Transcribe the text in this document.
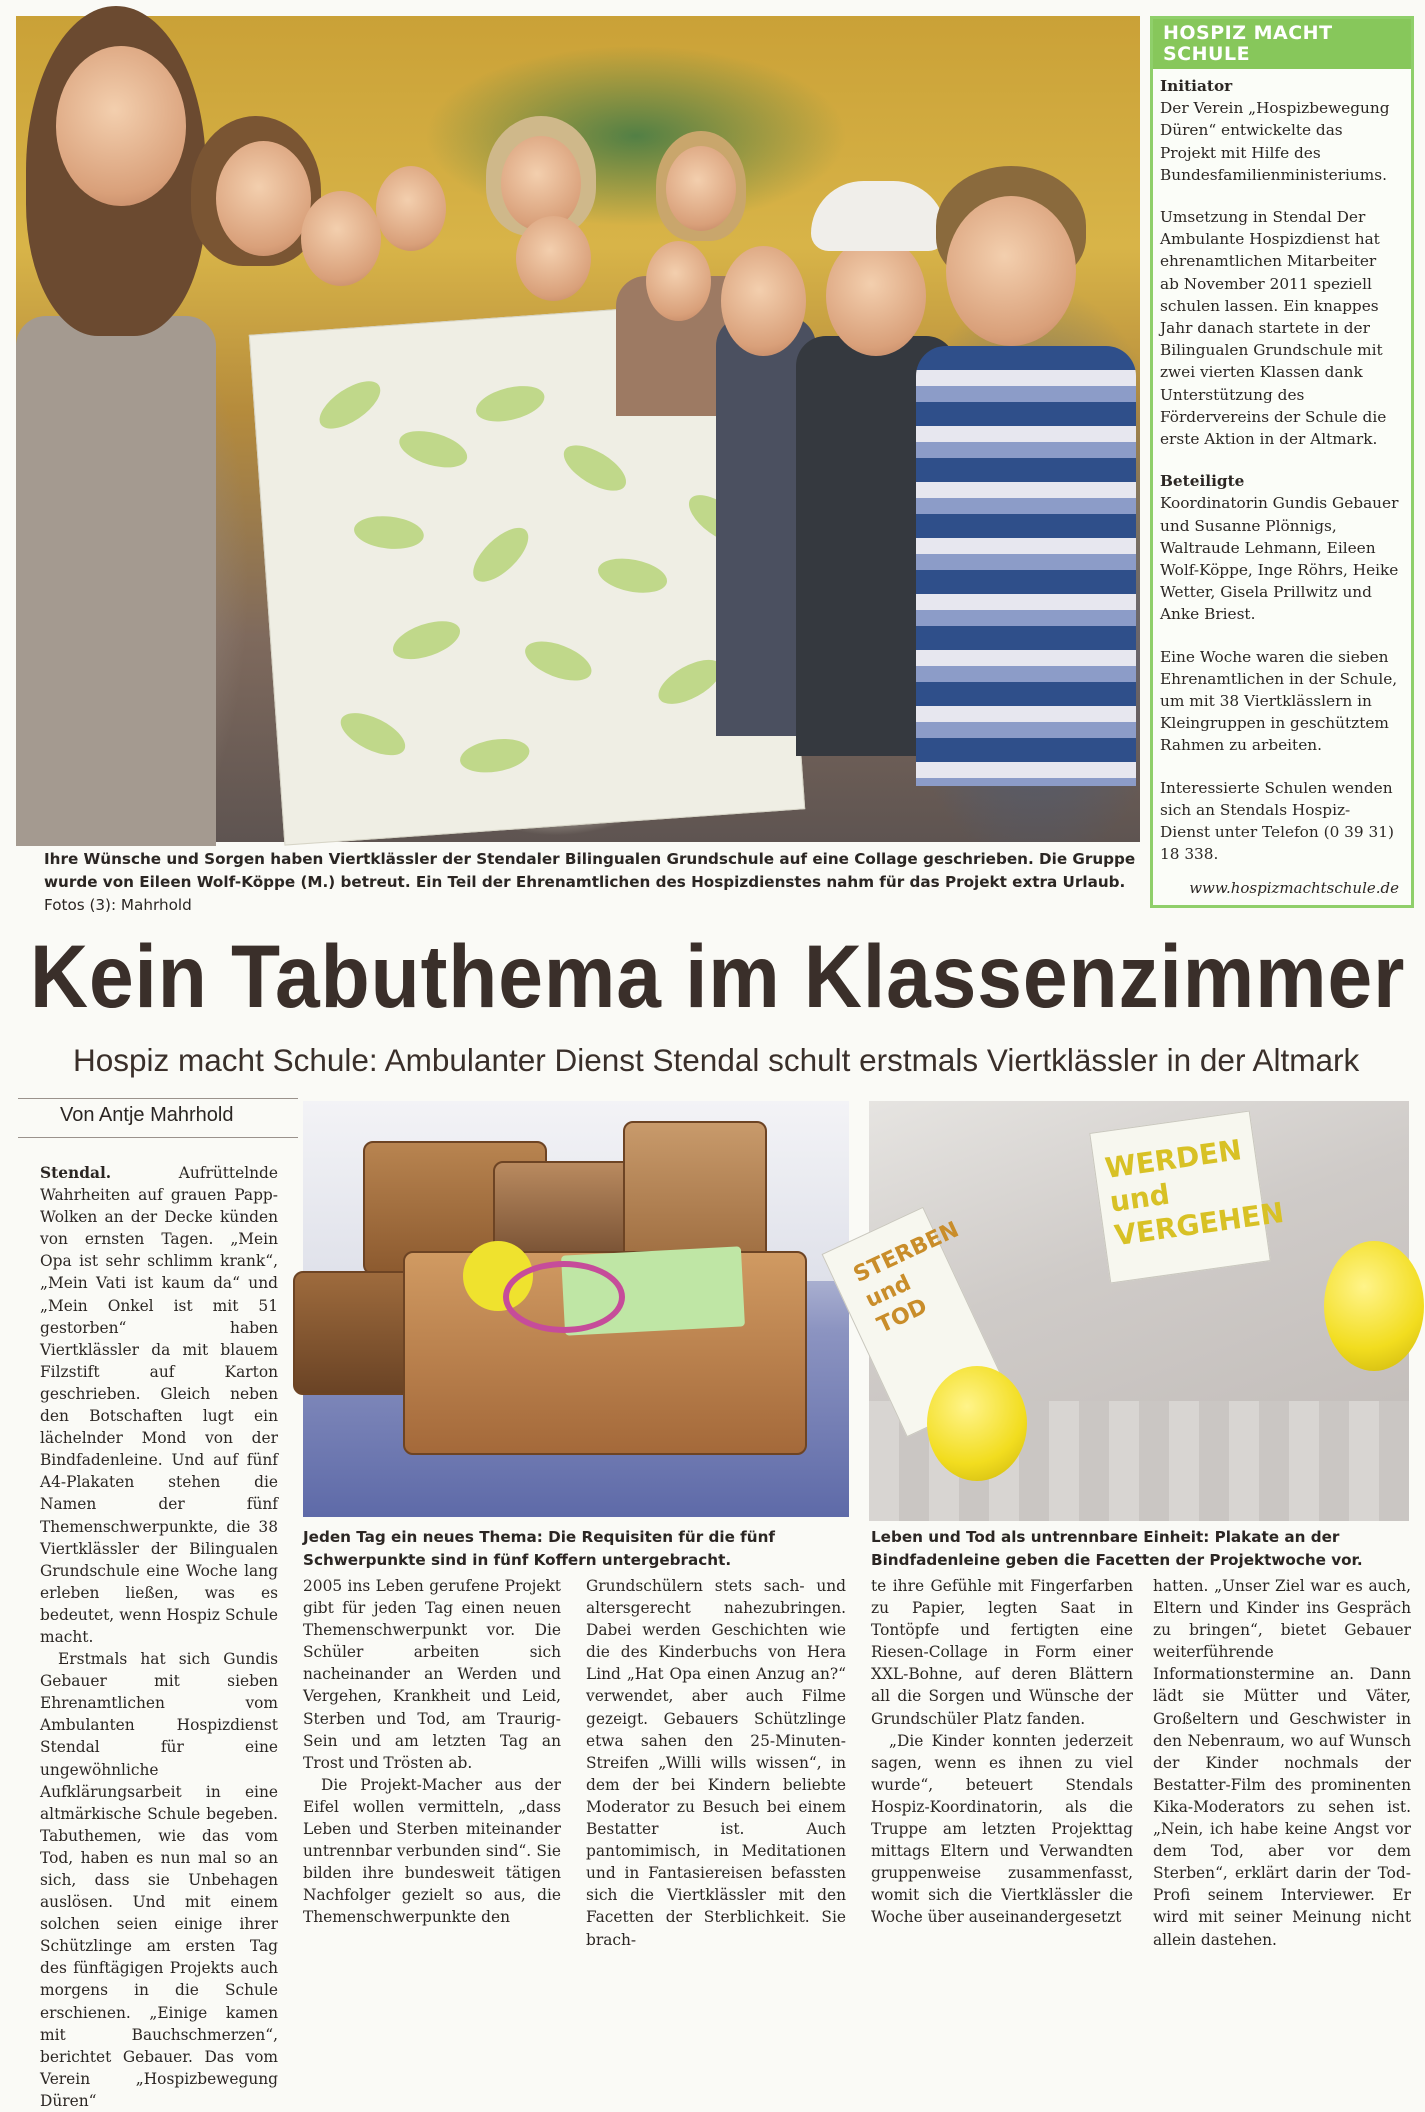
HOSPIZ MACHT SCHULE

Initiator
Der Verein „Hospizbewegung Düren“ entwickelte das Projekt mit Hilfe des Bundesfamilienministeriums.

Umsetzung in Stendal Der Ambulante Hospizdienst hat ehrenamtlichen Mitarbeiter ab November 2011 speziell schulen lassen. Ein knappes Jahr danach startete in der Bilingualen Grundschule mit zwei vierten Klassen dank Unterstützung des Fördervereins der Schule die erste Aktion in der Altmark.

Beteiligte
Koordinatorin Gundis Gebauer und Susanne Plönnigs, Waltraude Lehmann, Eileen Wolf-Köppe, Inge Röhrs, Heike Wetter, Gisela Prillwitz und Anke Briest.

Eine Woche waren die sieben Ehrenamtlichen in der Schule, um mit 38 Viertklässlern in Kleingruppen in geschütztem Rahmen zu arbeiten.

Interessierte Schulen wenden sich an Stendals Hospiz-Dienst unter Telefon (0 39 31) 18 338.

www.hospizmachtschule.de
Ihre Wünsche und Sorgen haben Viertklässler der Stendaler Bilingualen Grundschule auf eine Collage geschrieben. Die Gruppe wurde von Eileen Wolf-Köppe (M.) betreut. Ein Teil der Ehrenamtlichen des Hospizdienstes nahm für das Projekt extra Urlaub. Fotos (3): Mahrhold
Kein Tabuthema im Klassenzimmer
Hospiz macht Schule: Ambulanter Dienst Stendal schult erstmals Viertklässler in der Altmark
Von Antje Mahrhold
WERDEN und VERGEHEN
STERBEN und TOD
Jeden Tag ein neues Thema: Die Requisiten für die fünf Schwerpunkte sind in fünf Koffern untergebracht.
Leben und Tod als untrennbare Einheit: Plakate an der Bindfadenleine geben die Facetten der Projektwoche vor.

Stendal.	Aufrüttelnde Wahrheiten auf grauen Papp-Wolken an der Decke künden von ernsten Tagen. „Mein Opa ist sehr schlimm krank“, „Mein Vati ist kaum da“ und „Mein Onkel ist mit 51 gestorben“ haben Viertklässler da mit blauem Filzstift auf Karton geschrieben. Gleich neben den Botschaften lugt ein lächelnder Mond von der Bindfadenleine. Und auf fünf A4-Plakaten stehen die Namen der fünf Themenschwerpunkte, die 38 Viertklässler der Bilingualen Grundschule eine Woche lang erleben ließen, was es bedeutet, wenn Hospiz Schule macht.

Erstmals hat sich Gundis Gebauer mit sieben Ehrenamtlichen vom Ambulanten Hospizdienst Stendal für eine ungewöhnliche Aufklärungsarbeit in eine altmärkische Schule begeben. Tabuthemen, wie das vom Tod, haben es nun mal so an sich, dass sie Unbehagen auslösen. Und mit einem solchen seien einige ihrer Schützlinge am ersten Tag des fünftägigen Projekts auch morgens in die Schule erschienen. „Einige kamen mit Bauchschmerzen“, berichtet Gebauer. Das vom Verein „Hospizbewegung Düren“

2005 ins Leben gerufene Projekt gibt für jeden Tag einen neuen Themenschwerpunkt vor. Die Schüler arbeiten sich nacheinander an Werden und Vergehen, Krankheit und Leid, Sterben und Tod, am Traurig-Sein und am letzten Tag an Trost und Trösten ab.

Die Projekt-Macher aus der Eifel wollen vermitteln, „dass Leben und Sterben miteinander untrennbar verbunden sind“. Sie bilden ihre bundesweit tätigen Nachfolger gezielt so aus, die Themenschwerpunkte den

Grundschülern stets sach- und altersgerecht nahezubringen. Dabei werden Geschichten wie die des Kinderbuchs von Hera Lind „Hat Opa einen Anzug an?“ verwendet, aber auch Filme gezeigt. Gebauers Schützlinge etwa sahen den 25-Minuten-Streifen „Willi wills wissen“, in dem der bei Kindern beliebte Moderator zu Besuch bei einem Bestatter ist. Auch pantomimisch, in Meditationen und in Fantasiereisen befassten sich die Viertklässler mit den Facetten der Sterblichkeit. Sie brach-

te ihre Gefühle mit Fingerfarben zu Papier, legten Saat in Tontöpfe und fertigten eine Riesen-Collage in Form einer XXL-Bohne, auf deren Blättern all die Sorgen und Wünsche der Grundschüler Platz fanden.

„Die Kinder konnten jederzeit sagen, wenn es ihnen zu viel wurde“, beteuert Stendals Hospiz-Koordinatorin, als die Truppe am letzten Projekttag mittags Eltern und Verwandten gruppenweise zusammenfasst, womit sich die Viertklässler die Woche über auseinandergesetzt

hatten. „Unser Ziel war es auch, Eltern und Kinder ins Gespräch zu bringen“, bietet Gebauer weiterführende Informationstermine an. Dann lädt sie Mütter und Väter, Großeltern und Geschwister in den Nebenraum, wo auf Wunsch der Kinder nochmals der Bestatter-Film des prominenten Kika-Moderators zu sehen ist. „Nein, ich habe keine Angst vor dem Tod, aber vor dem Sterben“, erklärt darin der Tod-Profi seinem Interviewer. Er wird mit seiner Meinung nicht allein dastehen.
